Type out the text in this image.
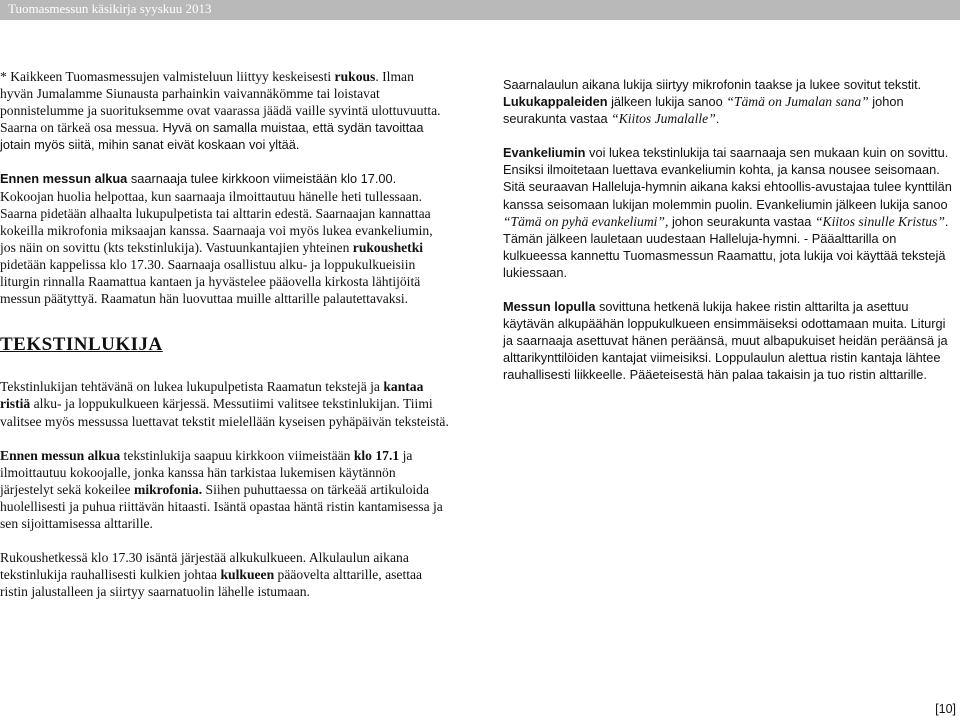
Tuomasmessun käsikirja syyskuu 2013

* Kaikkeen Tuomasmessujen valmisteluun liittyy keskeisesti rukous. Ilman hyvän Jumalamme Siunausta parhainkin vaivannäkömme tai loistavat ponnistelumme ja suorituksemme ovat vaarassa jäädä vaille syvintä ulottuvuutta. Saarna on tärkeä osa messua. Hyvä on samalla muistaa, että sydän tavoittaa jotain myös siitä, mihin sanat eivät koskaan voi yltää.

Ennen messun alkua saarnaaja tulee kirkkoon viimeistään klo 17.00. Kokoojan huolia helpottaa, kun saarnaaja ilmoittautuu hänelle heti tullessaan. Saarna pidetään alhaalta lukupulpetista tai alttarin edestä. Saarnaajan kannattaa kokeilla mikrofonia miksaajan kanssa. Saarnaaja voi myös lukea evankeliumin, jos näin on sovittu (kts tekstinlukija). Vastuunkantajien yhteinen rukoushetki pidetään kappelissa klo 17.30. Saarnaaja osallistuu alku- ja loppukulkueisiin liturgin rinnalla Raamattua kantaen ja hyvästelee pääovella kirkosta lähtijöitä messun päätyttyä. Raamatun hän luovuttaa muille alttarille palautettavaksi.

TEKSTINLUKIJA

Tekstinlukijan tehtävänä on lukea lukupulpetista Raamatun tekstejä ja kantaa ristiä alku- ja loppukulkueen kärjessä. Messutiimi valitsee tekstinlukijan. Tiimi valitsee myös messussa luettavat tekstit mielellään kyseisen pyhäpäivän teksteistä.

Ennen messun alkua tekstinlukija saapuu kirkkoon viimeistään klo 17.1 ja ilmoittautuu kokoojalle, jonka kanssa hän tarkistaa lukemisen käytännön järjestelyt sekä kokeilee mikrofonia. Siihen puhuttaessa on tärkeää artikuloida huolellisesti ja puhua riittävän hitaasti. Isäntä opastaa häntä ristin kantamisessa ja sen sijoittamisessa alttarille.

Rukoushetkessä klo 17.30 isäntä järjestää alkukulkueen. Alkulaulun aikana tekstinlukija rauhallisesti kulkien johtaa kulkueen pääovelta alttarille, asettaa ristin jalustalleen ja siirtyy saarnatuolin lähelle istumaan.

Saarnalaulun aikana lukija siirtyy mikrofonin taakse ja lukee sovitut tekstit. Lukukappaleiden jälkeen lukija sanoo “Tämä on Jumalan sana” johon seurakunta vastaa “Kiitos Jumalalle”.

Evankeliumin voi lukea tekstinlukija tai saarnaaja sen mukaan kuin on sovittu. Ensiksi ilmoitetaan luettava evankeliumin kohta, ja kansa nousee seisomaan. Sitä seuraavan Halleluja-hymnin aikana kaksi ehtoollis-avustajaa tulee kynttilän kanssa seisomaan lukijan molemmin puolin. Evankeliumin jälkeen lukija sanoo “Tämä on pyhä evankeliumi”, johon seurakunta vastaa “Kiitos sinulle Kristus”. Tämän jälkeen lauletaan uudestaan Halleluja-hymni. - Pääalttarilla on kulkueessa kannettu Tuomasmessun Raamattu, jota lukija voi käyttää tekstejä lukiessaan.

Messun lopulla sovittuna hetkenä lukija hakee ristin alttarilta ja asettuu käytävän alkupäähän loppukulkueen ensimmäiseksi odottamaan muita. Liturgi ja saarnaaja asettuvat hänen peräänsä, muut albapukuiset heidän peräänsä ja alttarikynttilöiden kantajat viimeisiksi. Loppulaulun alettua ristin kantaja lähtee rauhallisesti liikkeelle. Pääeteisestä hän palaa takaisin ja tuo ristin alttarille.

[10]
